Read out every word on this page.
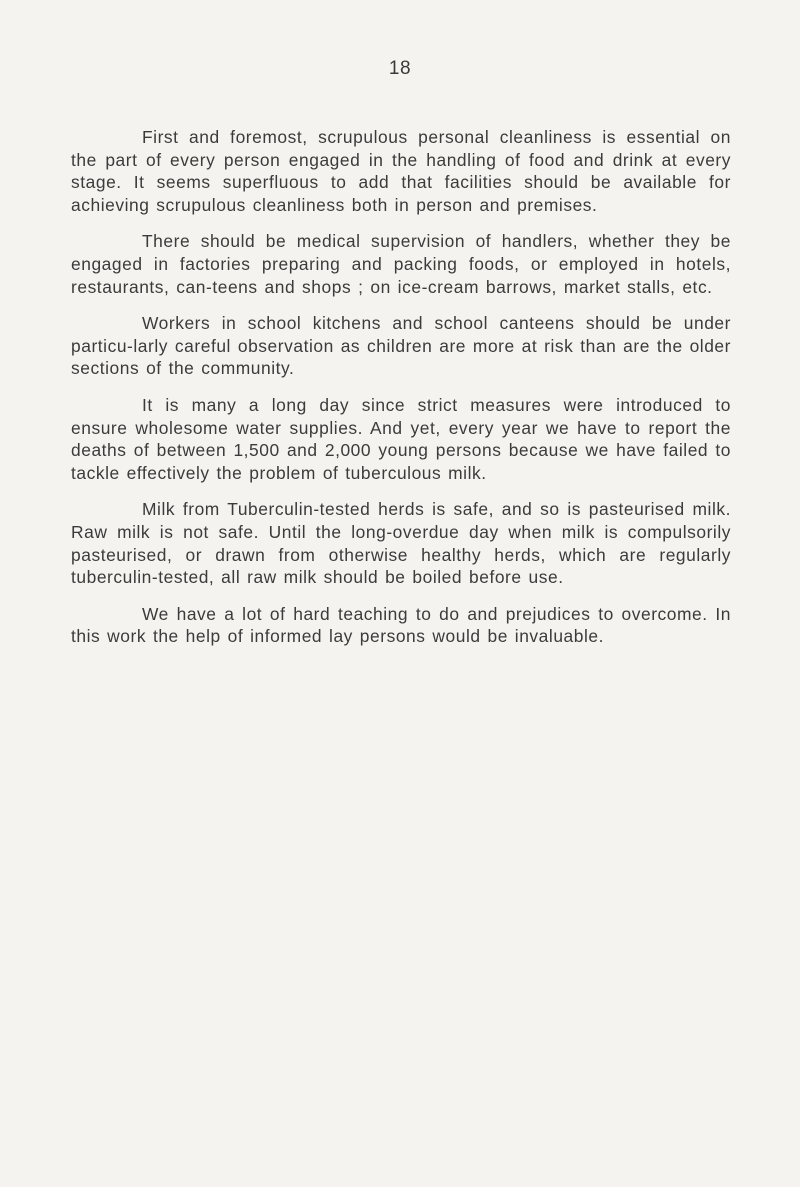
18

First and foremost, scrupulous personal cleanliness is essential on the part of every person engaged in the handling of food and drink at every stage. It seems superfluous to add that facilities should be available for achieving scrupulous cleanliness both in person and premises.

There should be medical supervision of handlers, whether they be engaged in factories preparing and packing foods, or employed in hotels, restaurants, can-teens and shops ; on ice-cream barrows, market stalls, etc.

Workers in school kitchens and school canteens should be under particu-larly careful observation as children are more at risk than are the older sections of the community.

It is many a long day since strict measures were introduced to ensure wholesome water supplies. And yet, every year we have to report the deaths of between 1,500 and 2,000 young persons because we have failed to tackle effectively the problem of tuberculous milk.

Milk from Tuberculin-tested herds is safe, and so is pasteurised milk. Raw milk is not safe. Until the long-overdue day when milk is compulsorily pasteurised, or drawn from otherwise healthy herds, which are regularly tuberculin-tested, all raw milk should be boiled before use.

We have a lot of hard teaching to do and prejudices to overcome. In this work the help of informed lay persons would be invaluable.
